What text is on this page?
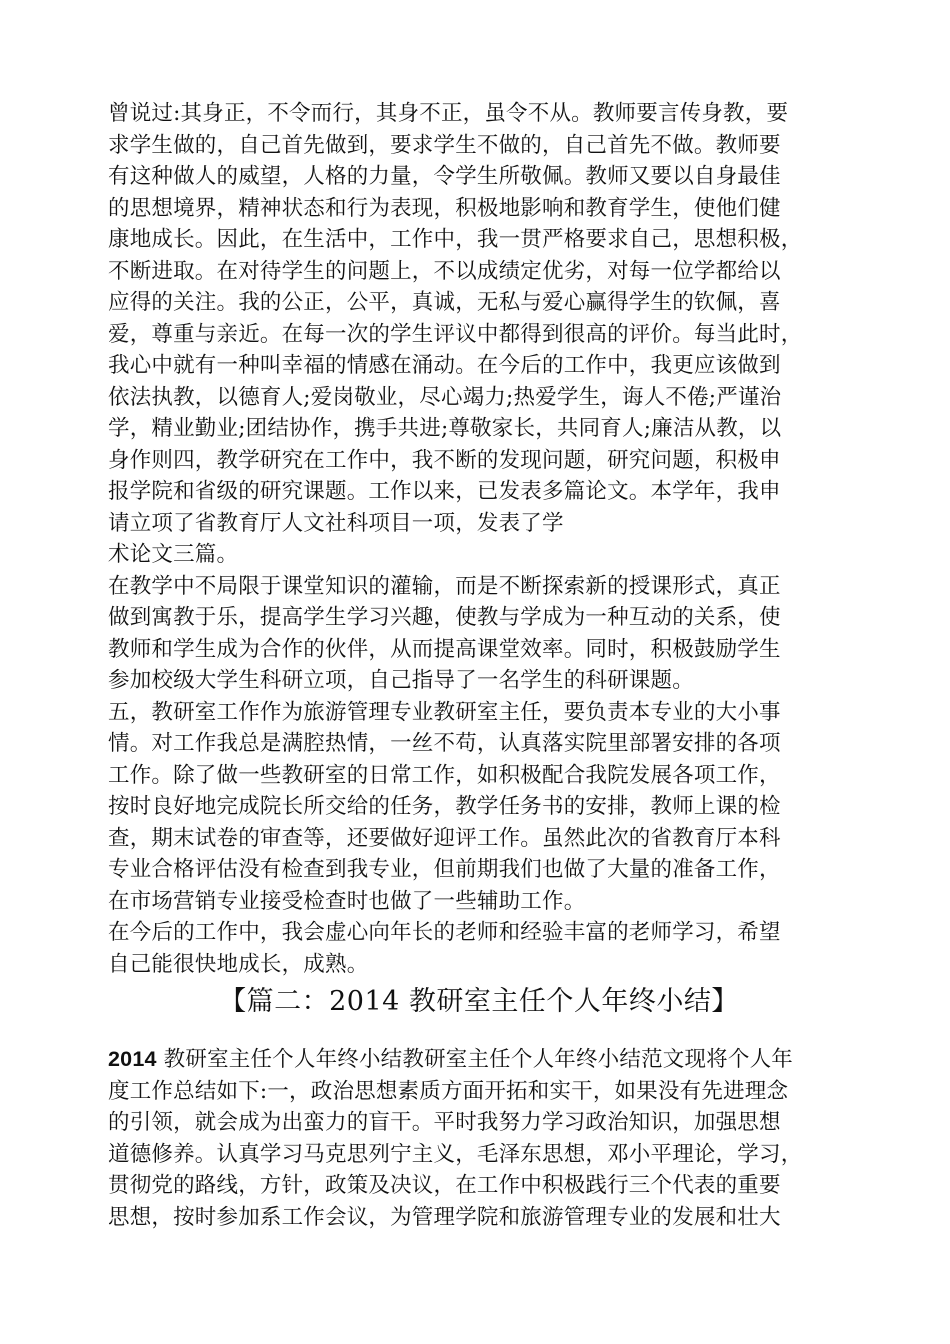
曾说过:其身正，不令而行，其身不正，虽令不从。教师要言传身教，要
求学生做的，自己首先做到，要求学生不做的，自己首先不做。教师要
有这种做人的威望，人格的力量，令学生所敬佩。教师又要以自身最佳
的思想境界，精神状态和行为表现，积极地影响和教育学生，使他们健
康地成长。因此，在生活中，工作中，我一贯严格要求自己，思想积极，
不断进取。在对待学生的问题上，不以成绩定优劣，对每一位学都给以
应得的关注。我的公正，公平，真诚，无私与爱心赢得学生的钦佩，喜
爱，尊重与亲近。在每一次的学生评议中都得到很高的评价。每当此时，
我心中就有一种叫幸福的情感在涌动。在今后的工作中，我更应该做到
依法执教，以德育人;爱岗敬业，尽心竭力;热爱学生，诲人不倦;严谨治
学，精业勤业;团结协作，携手共进;尊敬家长，共同育人;廉洁从教，以
身作则四，教学研究在工作中，我不断的发现问题，研究问题，积极申
报学院和省级的研究课题。工作以来，已发表多篇论文。本学年，我申
请立项了省教育厅人文社科项目一项，发表了学
术论文三篇。
在教学中不局限于课堂知识的灌输，而是不断探索新的授课形式，真正
做到寓教于乐，提高学生学习兴趣，使教与学成为一种互动的关系，使
教师和学生成为合作的伙伴，从而提高课堂效率。同时，积极鼓励学生
参加校级大学生科研立项，自己指导了一名学生的科研课题。
五，教研室工作作为旅游管理专业教研室主任，要负责本专业的大小事
情。对工作我总是满腔热情，一丝不苟，认真落实院里部署安排的各项
工作。除了做一些教研室的日常工作，如积极配合我院发展各项工作，
按时良好地完成院长所交给的任务，教学任务书的安排，教师上课的检
查，期末试卷的审查等，还要做好迎评工作。虽然此次的省教育厅本科
专业合格评估没有检查到我专业，但前期我们也做了大量的准备工作，
在市场营销专业接受检查时也做了一些辅助工作。
在今后的工作中，我会虚心向年长的老师和经验丰富的老师学习，希望
自己能很快地成长，成熟。
【篇二：2014 教研室主任个人年终小结】
2014 教研室主任个人年终小结教研室主任个人年终小结范文现将个人年
度工作总结如下:一，政治思想素质方面开拓和实干，如果没有先进理念
的引领，就会成为出蛮力的盲干。平时我努力学习政治知识，加强思想
道德修养。认真学习马克思列宁主义，毛泽东思想，邓小平理论，学习，
贯彻党的路线，方针，政策及决议，在工作中积极践行三个代表的重要
思想，按时参加系工作会议，为管理学院和旅游管理专业的发展和壮大
